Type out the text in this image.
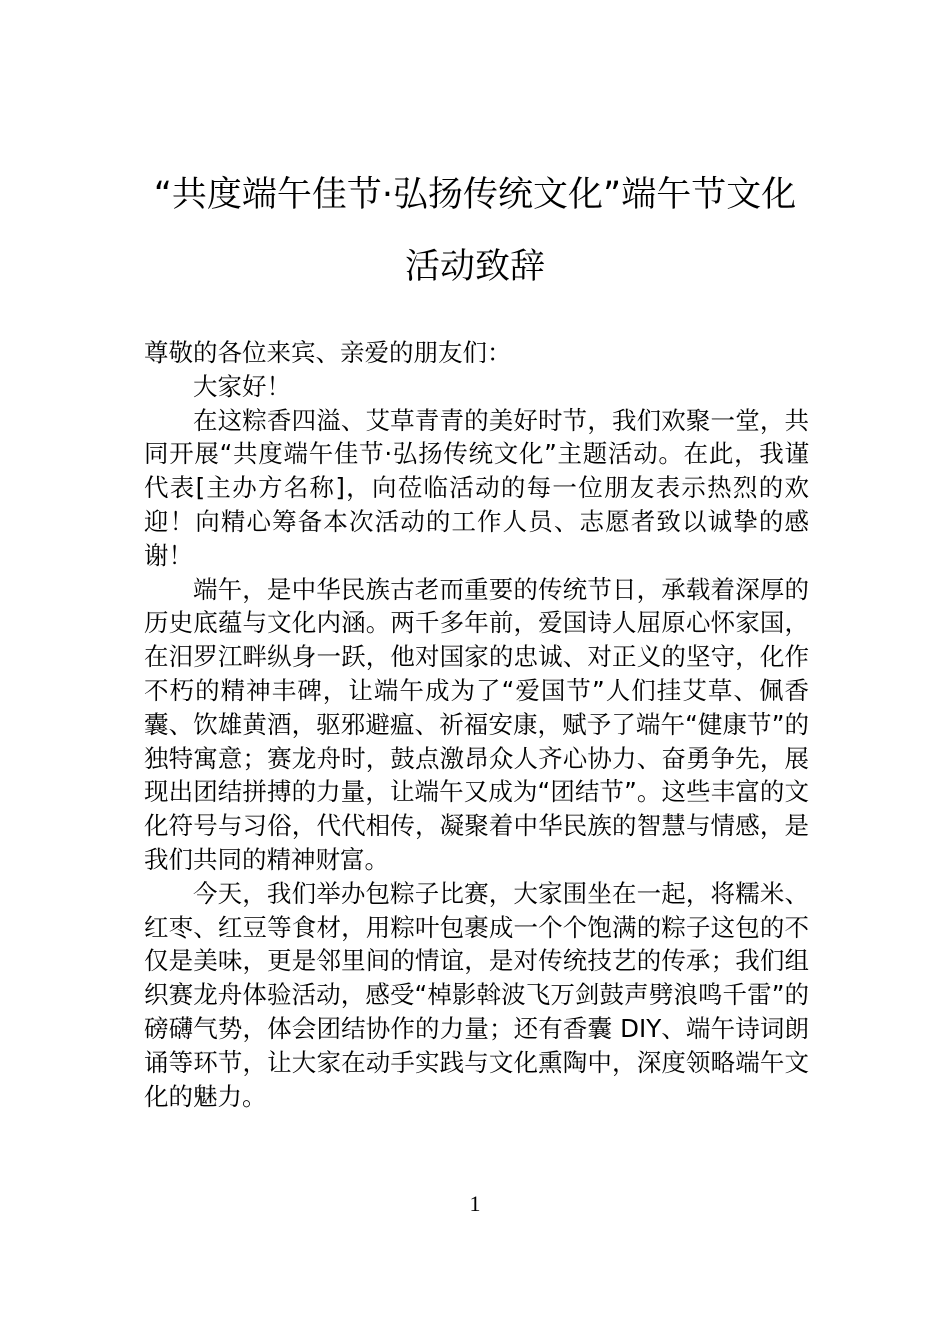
“共度端午佳节·弘扬传统文化”端午节文化
活动致辞

尊敬的各位来宾、亲爱的朋友们：

大家好！

在这粽香四溢、艾草青青的美好时节，我们欢聚一堂，共同开展“共度端午佳节·弘扬传统文化”主题活动。在此，我谨代表[主办方名称]，向莅临活动的每一位朋友表示热烈的欢迎！向精心筹备本次活动的工作人员、志愿者致以诚挚的感谢！

端午，是中华民族古老而重要的传统节日，承载着深厚的历史底蕴与文化内涵。两千多年前，爱国诗人屈原心怀家国，在汨罗江畔纵身一跃，他对国家的忠诚、对正义的坚守，化作不朽的精神丰碑，让端午成为了“爱国节”人们挂艾草、佩香囊、饮雄黄酒，驱邪避瘟、祈福安康，赋予了端午“健康节”的独特寓意；赛龙舟时，鼓点激昂众人齐心协力、奋勇争先，展现出团结拼搏的力量，让端午又成为“团结节”。这些丰富的文化符号与习俗，代代相传，凝聚着中华民族的智慧与情感，是我们共同的精神财富。

今天，我们举办包粽子比赛，大家围坐在一起，将糯米、红枣、红豆等食材，用粽叶包裹成一个个饱满的粽子这包的不仅是美味，更是邻里间的情谊，是对传统技艺的传承；我们组织赛龙舟体验活动，感受“棹影斡波飞万剑鼓声劈浪鸣千雷”的磅礴气势，体会团结协作的力量；还有香囊 DIY、端午诗词朗诵等环节，让大家在动手实践与文化熏陶中，深度领略端午文化的魅力。

1
